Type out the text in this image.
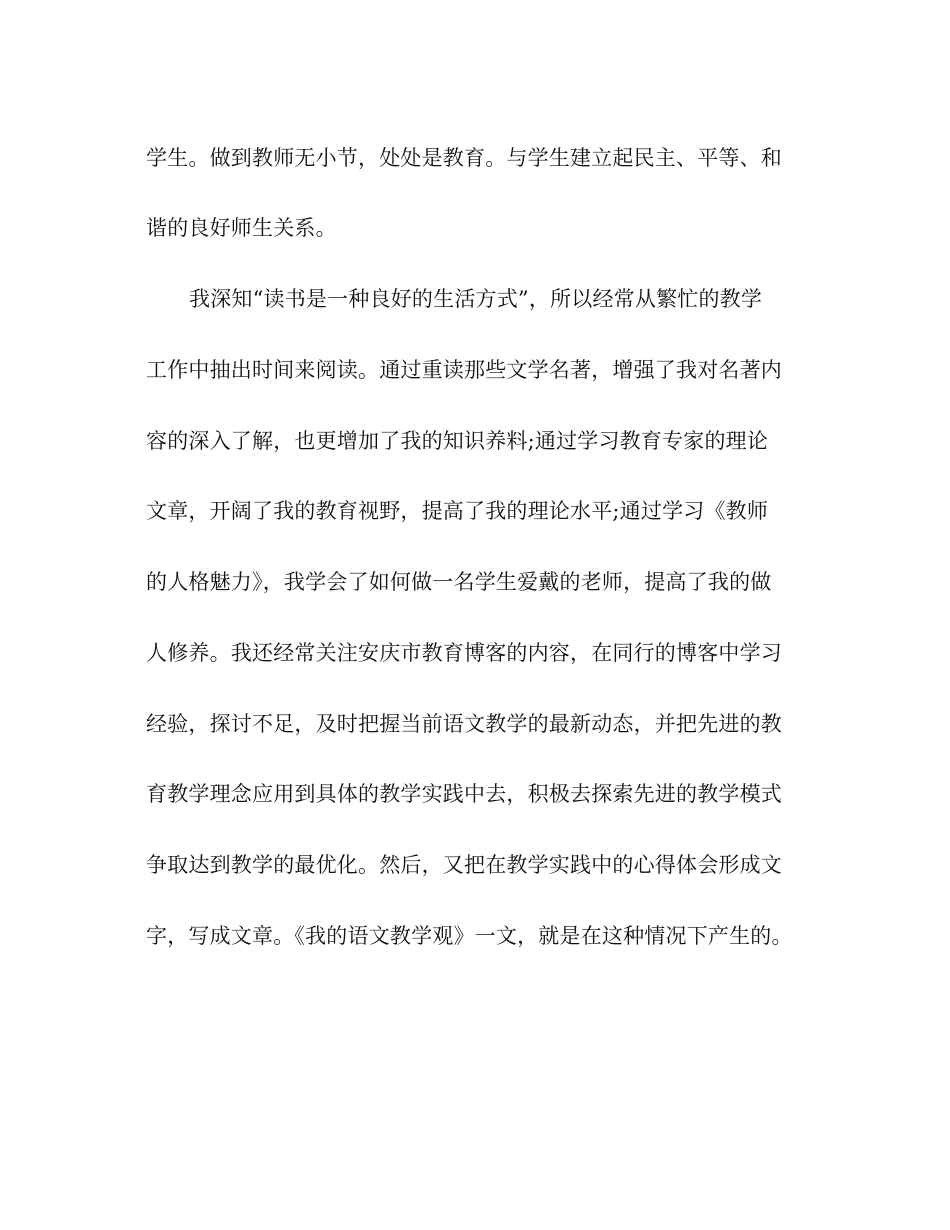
学生。做到教师无小节，处处是教育。与学生建立起民主、平等、和
谐的良好师生关系。
我深知“读书是一种良好的生活方式”，所以经常从繁忙的教学
工作中抽出时间来阅读。通过重读那些文学名著，增强了我对名著内
容的深入了解，也更增加了我的知识养料;通过学习教育专家的理论
文章，开阔了我的教育视野，提高了我的理论水平;通过学习《教师
的人格魅力》，我学会了如何做一名学生爱戴的老师，提高了我的做
人修养。我还经常关注安庆市教育博客的内容，在同行的博客中学习
经验，探讨不足，及时把握当前语文教学的最新动态，并把先进的教
育教学理念应用到具体的教学实践中去，积极去探索先进的教学模式
争取达到教学的最优化。然后，又把在教学实践中的心得体会形成文
字，写成文章。《我的语文教学观》一文，就是在这种情况下产生的。
